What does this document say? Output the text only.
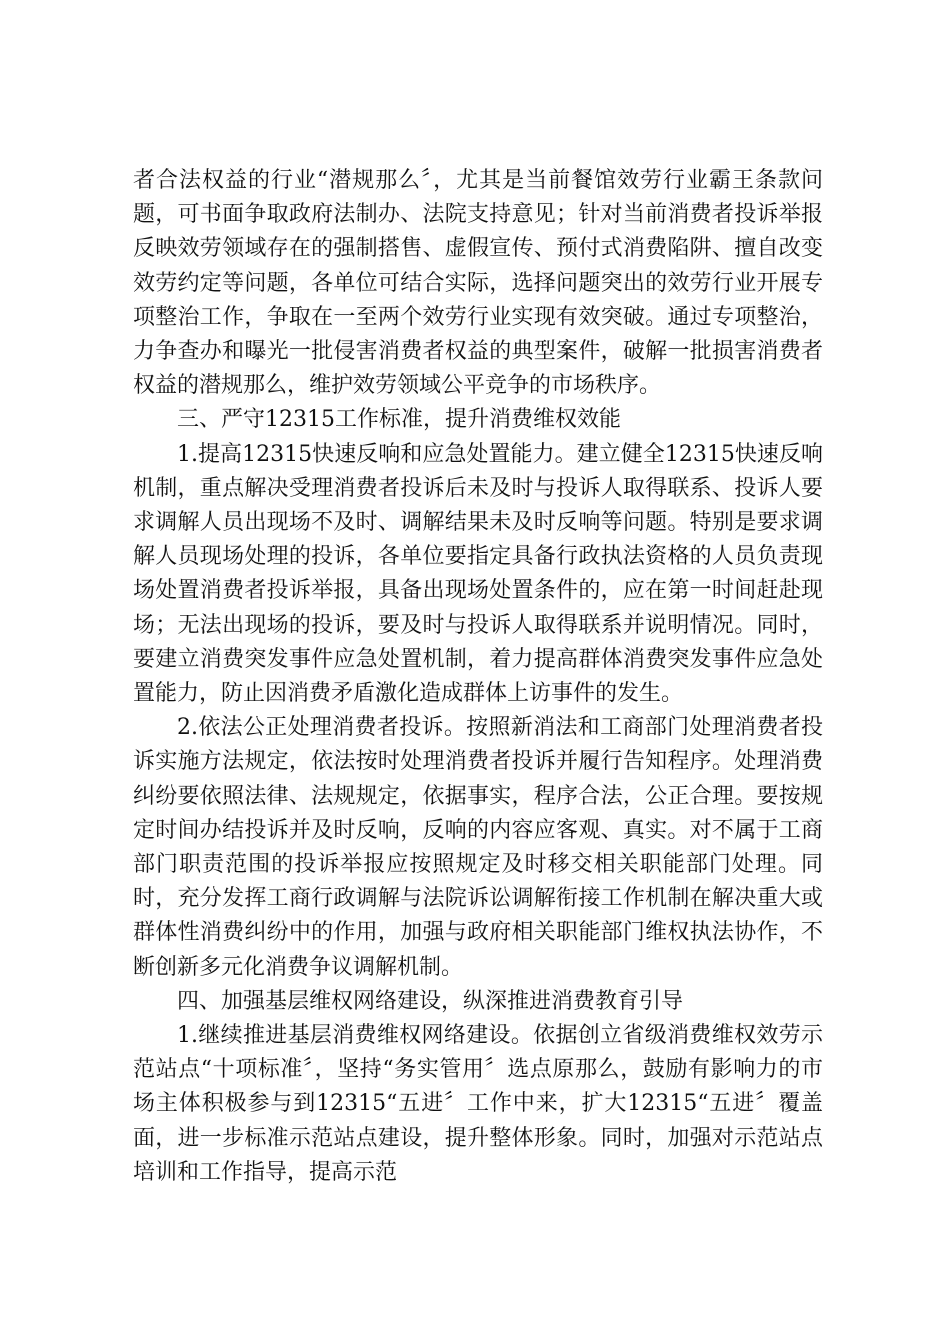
者合法权益的行业“潜规那么〞，尤其是当前餐馆效劳行业霸王条款问题，可书面争取政府法制办、法院支持意见；针对当前消费者投诉举报反映效劳领域存在的强制搭售、虚假宣传、预付式消费陷阱、擅自改变效劳约定等问题，各单位可结合实际，选择问题突出的效劳行业开展专项整治工作，争取在一至两个效劳行业实现有效突破。通过专项整治，力争查办和曝光一批侵害消费者权益的典型案件，破解一批损害消费者权益的潜规那么，维护效劳领域公平竞争的市场秩序。

三、严守12315工作标准，提升消费维权效能

1.提高12315快速反响和应急处置能力。建立健全12315快速反响机制，重点解决受理消费者投诉后未及时与投诉人取得联系、投诉人要求调解人员出现场不及时、调解结果未及时反响等问题。特别是要求调解人员现场处理的投诉，各单位要指定具备行政执法资格的人员负责现场处置消费者投诉举报，具备出现场处置条件的，应在第一时间赶赴现场；无法出现场的投诉，要及时与投诉人取得联系并说明情况。同时，要建立消费突发事件应急处置机制，着力提高群体消费突发事件应急处置能力，防止因消费矛盾激化造成群体上访事件的发生。

2.依法公正处理消费者投诉。按照新消法和工商部门处理消费者投诉实施方法规定，依法按时处理消费者投诉并履行告知程序。处理消费纠纷要依照法律、法规规定，依据事实，程序合法，公正合理。要按规定时间办结投诉并及时反响，反响的内容应客观、真实。对不属于工商部门职责范围的投诉举报应按照规定及时移交相关职能部门处理。同时，充分发挥工商行政调解与法院诉讼调解衔接工作机制在解决重大或群体性消费纠纷中的作用，加强与政府相关职能部门维权执法协作，不断创新多元化消费争议调解机制。

四、加强基层维权网络建设，纵深推进消费教育引导

1.继续推进基层消费维权网络建设。依据创立省级消费维权效劳示范站点“十项标准〞，坚持“务实管用〞选点原那么，鼓励有影响力的市场主体积极参与到12315“五进〞工作中来，扩大12315“五进〞覆盖面，进一步标准示范站点建设，提升整体形象。同时，加强对示范站点培训和工作指导，提高示范
